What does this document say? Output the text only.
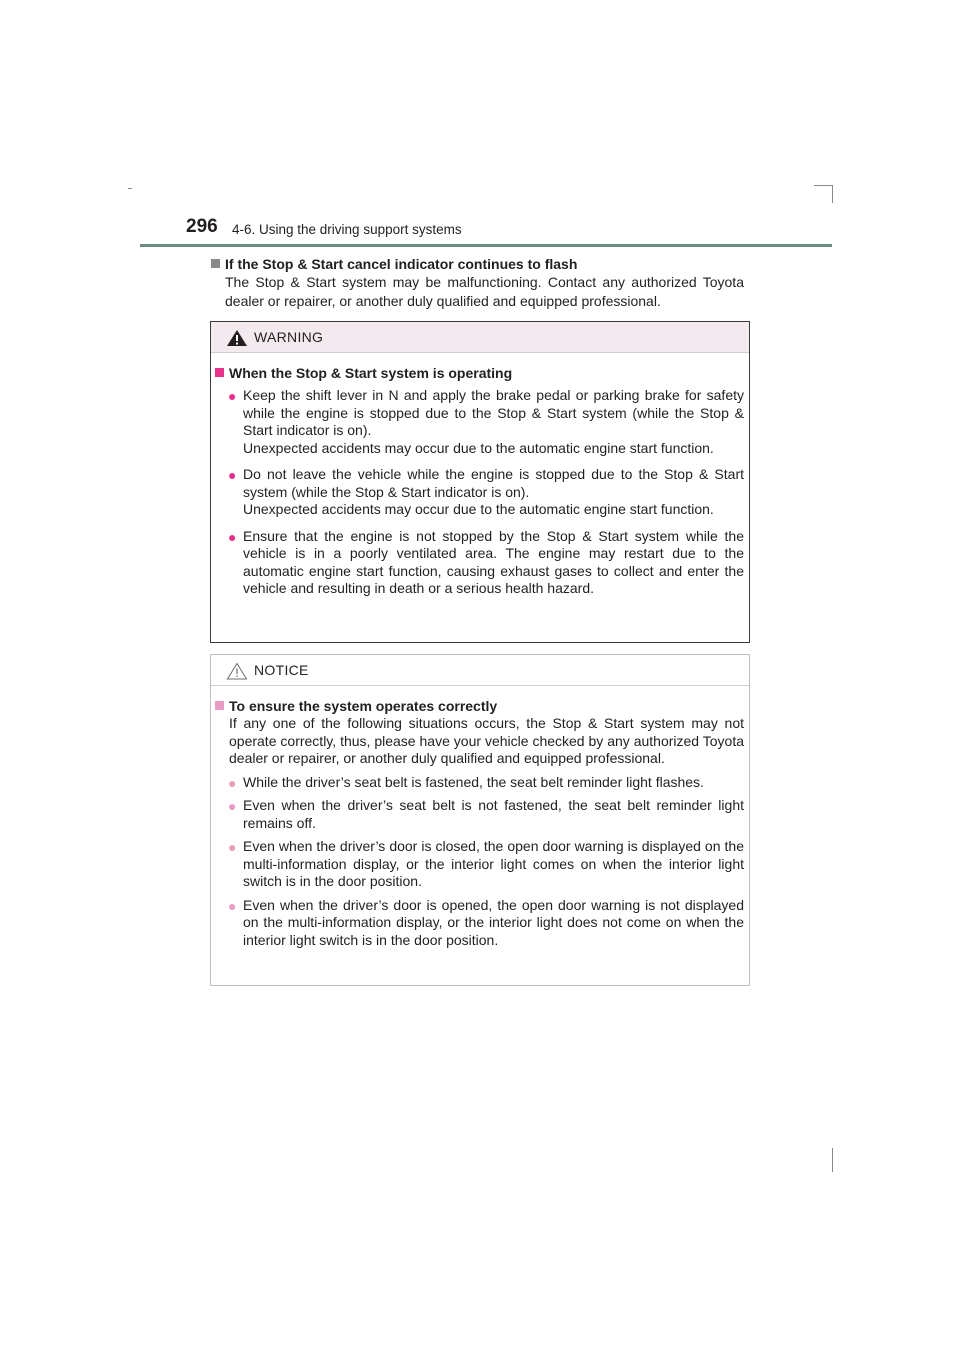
296 4-6. Using the driving support systems
If the Stop & Start cancel indicator continues to flash
The Stop & Start system may be malfunctioning. Contact any authorized Toyota dealer or repairer, or another duly qualified and equipped professional.
WARNING
When the Stop & Start system is operating
● Keep the shift lever in N and apply the brake pedal or parking brake for safety while the engine is stopped due to the Stop & Start system (while the Stop & Start indicator is on).
Unexpected accidents may occur due to the automatic engine start function.
● Do not leave the vehicle while the engine is stopped due to the Stop & Start system (while the Stop & Start indicator is on).
Unexpected accidents may occur due to the automatic engine start function.
● Ensure that the engine is not stopped by the Stop & Start system while the vehicle is in a poorly ventilated area. The engine may restart due to the automatic engine start function, causing exhaust gases to collect and enter the vehicle and resulting in death or a serious health hazard.
NOTICE
To ensure the system operates correctly
If any one of the following situations occurs, the Stop & Start system may not operate correctly, thus, please have your vehicle checked by any authorized Toyota dealer or repairer, or another duly qualified and equipped professional.
● While the driver’s seat belt is fastened, the seat belt reminder light flashes.
● Even when the driver’s seat belt is not fastened, the seat belt reminder light remains off.
● Even when the driver’s door is closed, the open door warning is displayed on the multi-information display, or the interior light comes on when the interior light switch is in the door position.
● Even when the driver’s door is opened, the open door warning is not displayed on the multi-information display, or the interior light does not come on when the interior light switch is in the door position.
